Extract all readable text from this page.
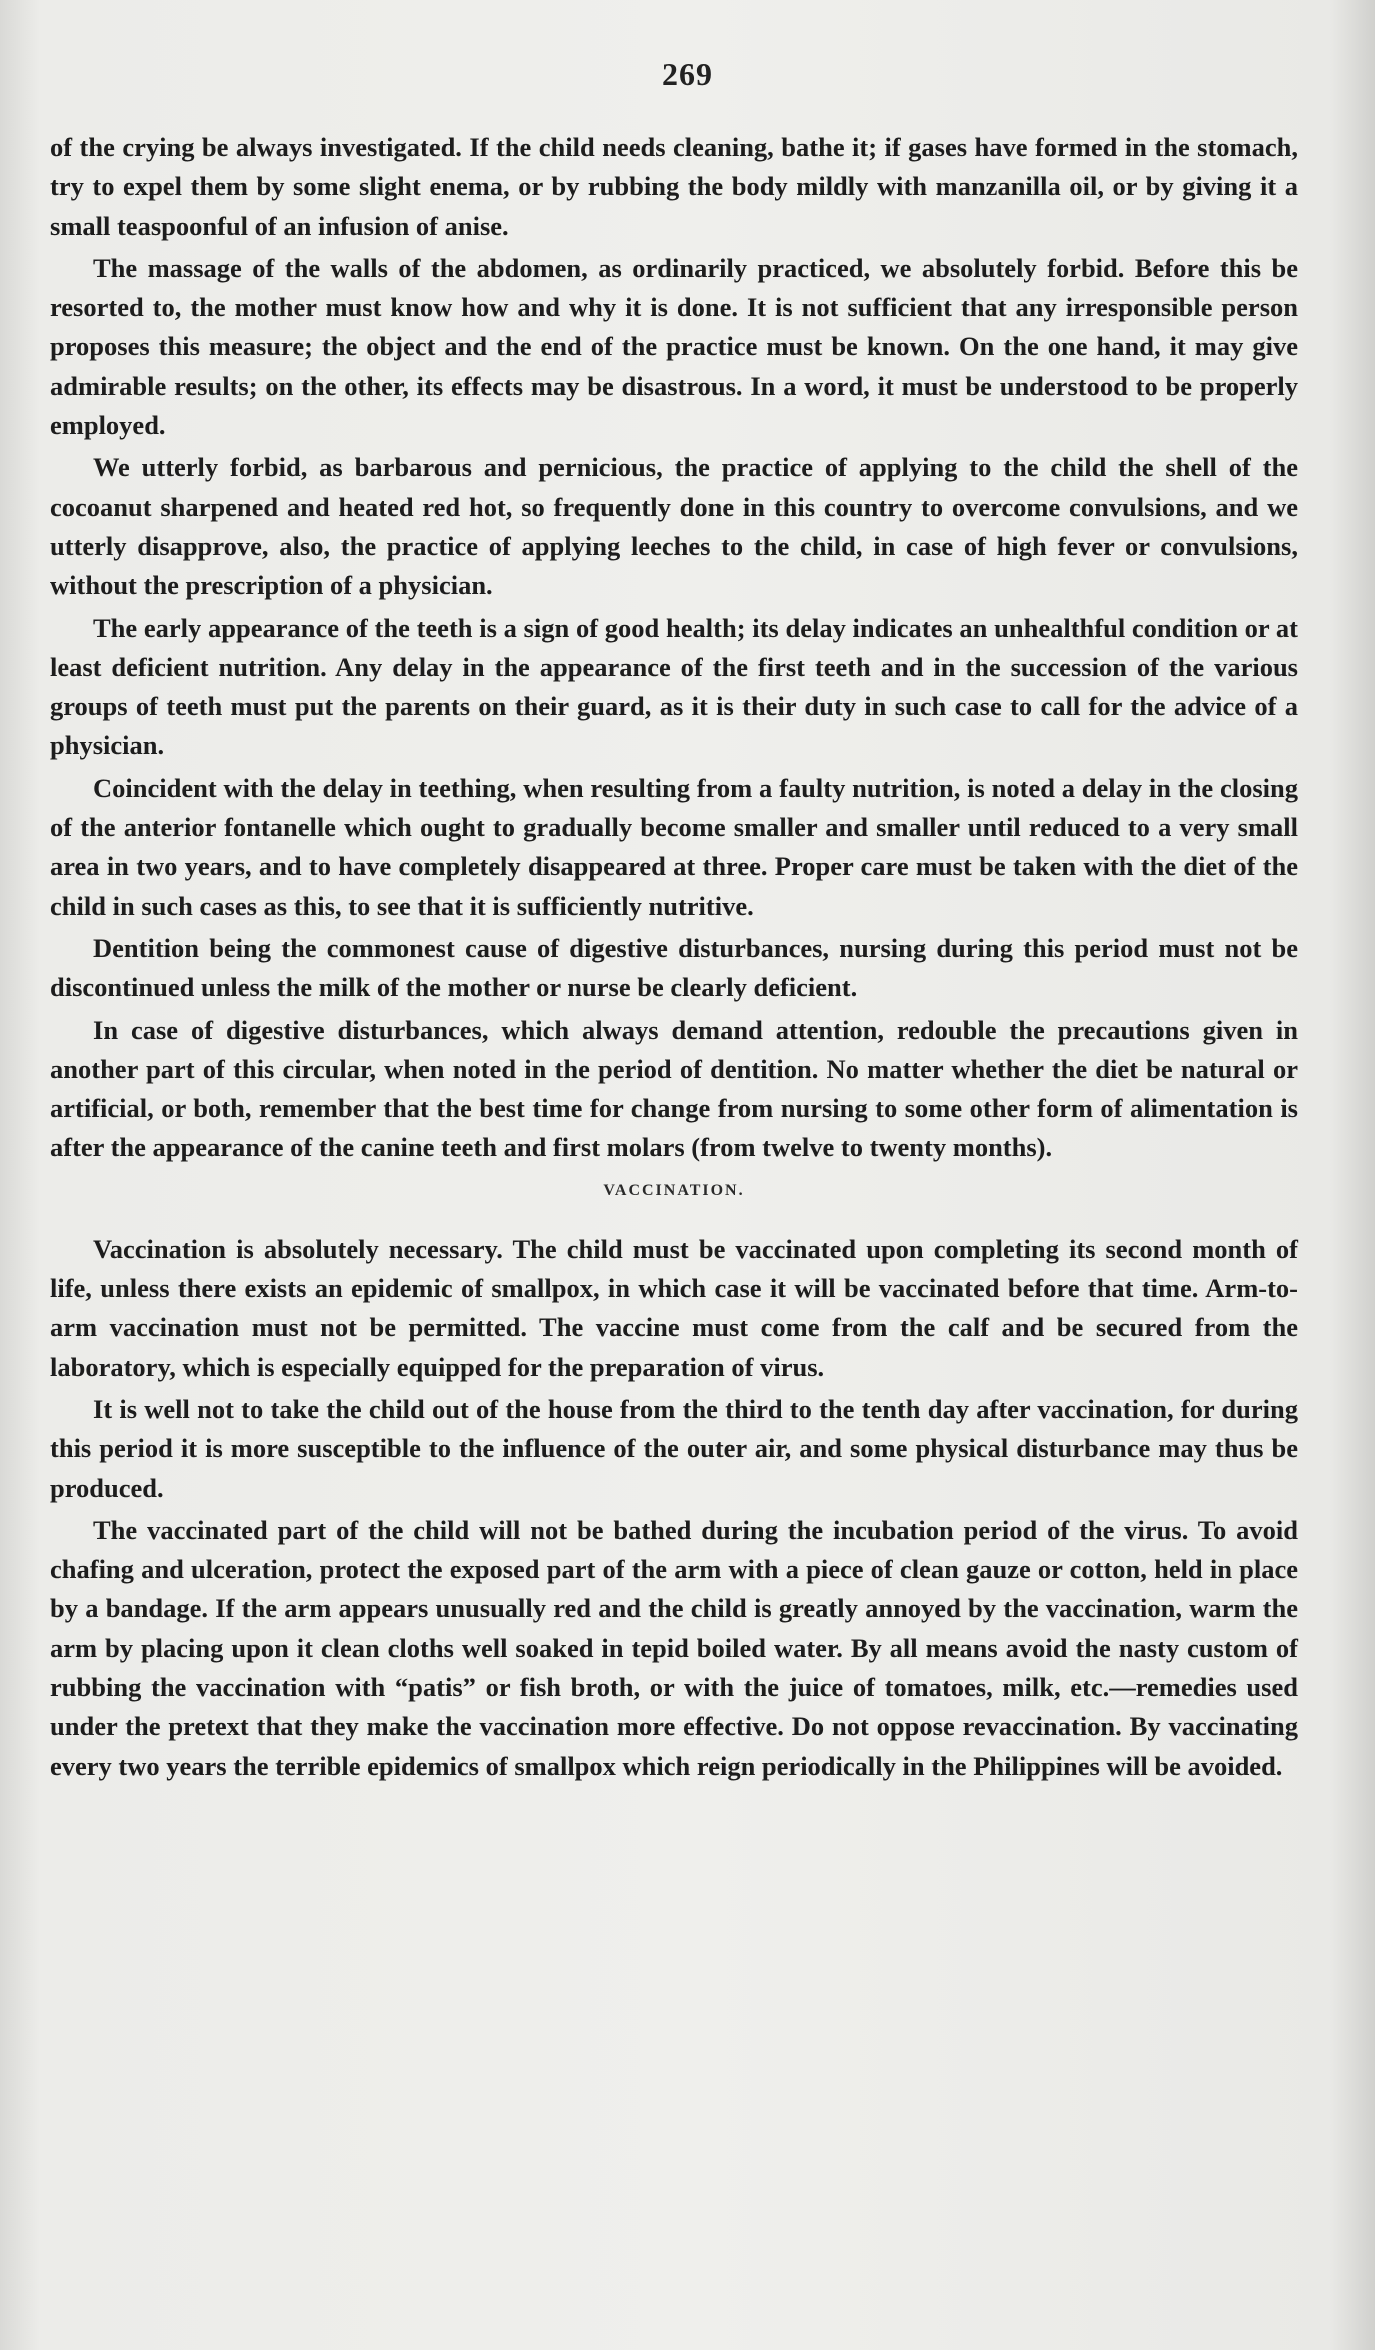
269

of the crying be always investigated. If the child needs cleaning, bathe it; if gases have formed in the stomach, try to expel them by some slight enema, or by rubbing the body mildly with manzanilla oil, or by giving it a small teaspoonful of an infusion of anise.

The massage of the walls of the abdomen, as ordinarily practiced, we absolutely forbid. Before this be resorted to, the mother must know how and why it is done. It is not sufficient that any irresponsible person proposes this measure; the object and the end of the practice must be known. On the one hand, it may give admirable results; on the other, its effects may be disastrous. In a word, it must be understood to be properly employed.

We utterly forbid, as barbarous and pernicious, the practice of applying to the child the shell of the cocoanut sharpened and heated red hot, so frequently done in this country to overcome convulsions, and we utterly disapprove, also, the practice of applying leeches to the child, in case of high fever or convulsions, without the prescription of a physician.

The early appearance of the teeth is a sign of good health; its delay indicates an unhealthful condition or at least deficient nutrition. Any delay in the appearance of the first teeth and in the succession of the various groups of teeth must put the parents on their guard, as it is their duty in such case to call for the advice of a physician.

Coincident with the delay in teething, when resulting from a faulty nutrition, is noted a delay in the closing of the anterior fontanelle which ought to gradually become smaller and smaller until reduced to a very small area in two years, and to have completely disappeared at three. Proper care must be taken with the diet of the child in such cases as this, to see that it is sufficiently nutritive.

Dentition being the commonest cause of digestive disturbances, nursing during this period must not be discontinued unless the milk of the mother or nurse be clearly deficient.

In case of digestive disturbances, which always demand attention, redouble the precautions given in another part of this circular, when noted in the period of dentition. No matter whether the diet be natural or artificial, or both, remember that the best time for change from nursing to some other form of alimentation is after the appearance of the canine teeth and first molars (from twelve to twenty months).

VACCINATION.

Vaccination is absolutely necessary. The child must be vaccinated upon completing its second month of life, unless there exists an epidemic of smallpox, in which case it will be vaccinated before that time. Arm-to-arm vaccination must not be permitted. The vaccine must come from the calf and be secured from the laboratory, which is especially equipped for the preparation of virus.

It is well not to take the child out of the house from the third to the tenth day after vaccination, for during this period it is more susceptible to the influence of the outer air, and some physical disturbance may thus be produced.

The vaccinated part of the child will not be bathed during the incubation period of the virus. To avoid chafing and ulceration, protect the exposed part of the arm with a piece of clean gauze or cotton, held in place by a bandage. If the arm appears unusually red and the child is greatly annoyed by the vaccination, warm the arm by placing upon it clean cloths well soaked in tepid boiled water. By all means avoid the nasty custom of rubbing the vaccination with “patis” or fish broth, or with the juice of tomatoes, milk, etc.—remedies used under the pretext that they make the vaccination more effective. Do not oppose revaccination. By vaccinating every two years the terrible epidemics of smallpox which reign periodically in the Philippines will be avoided.
